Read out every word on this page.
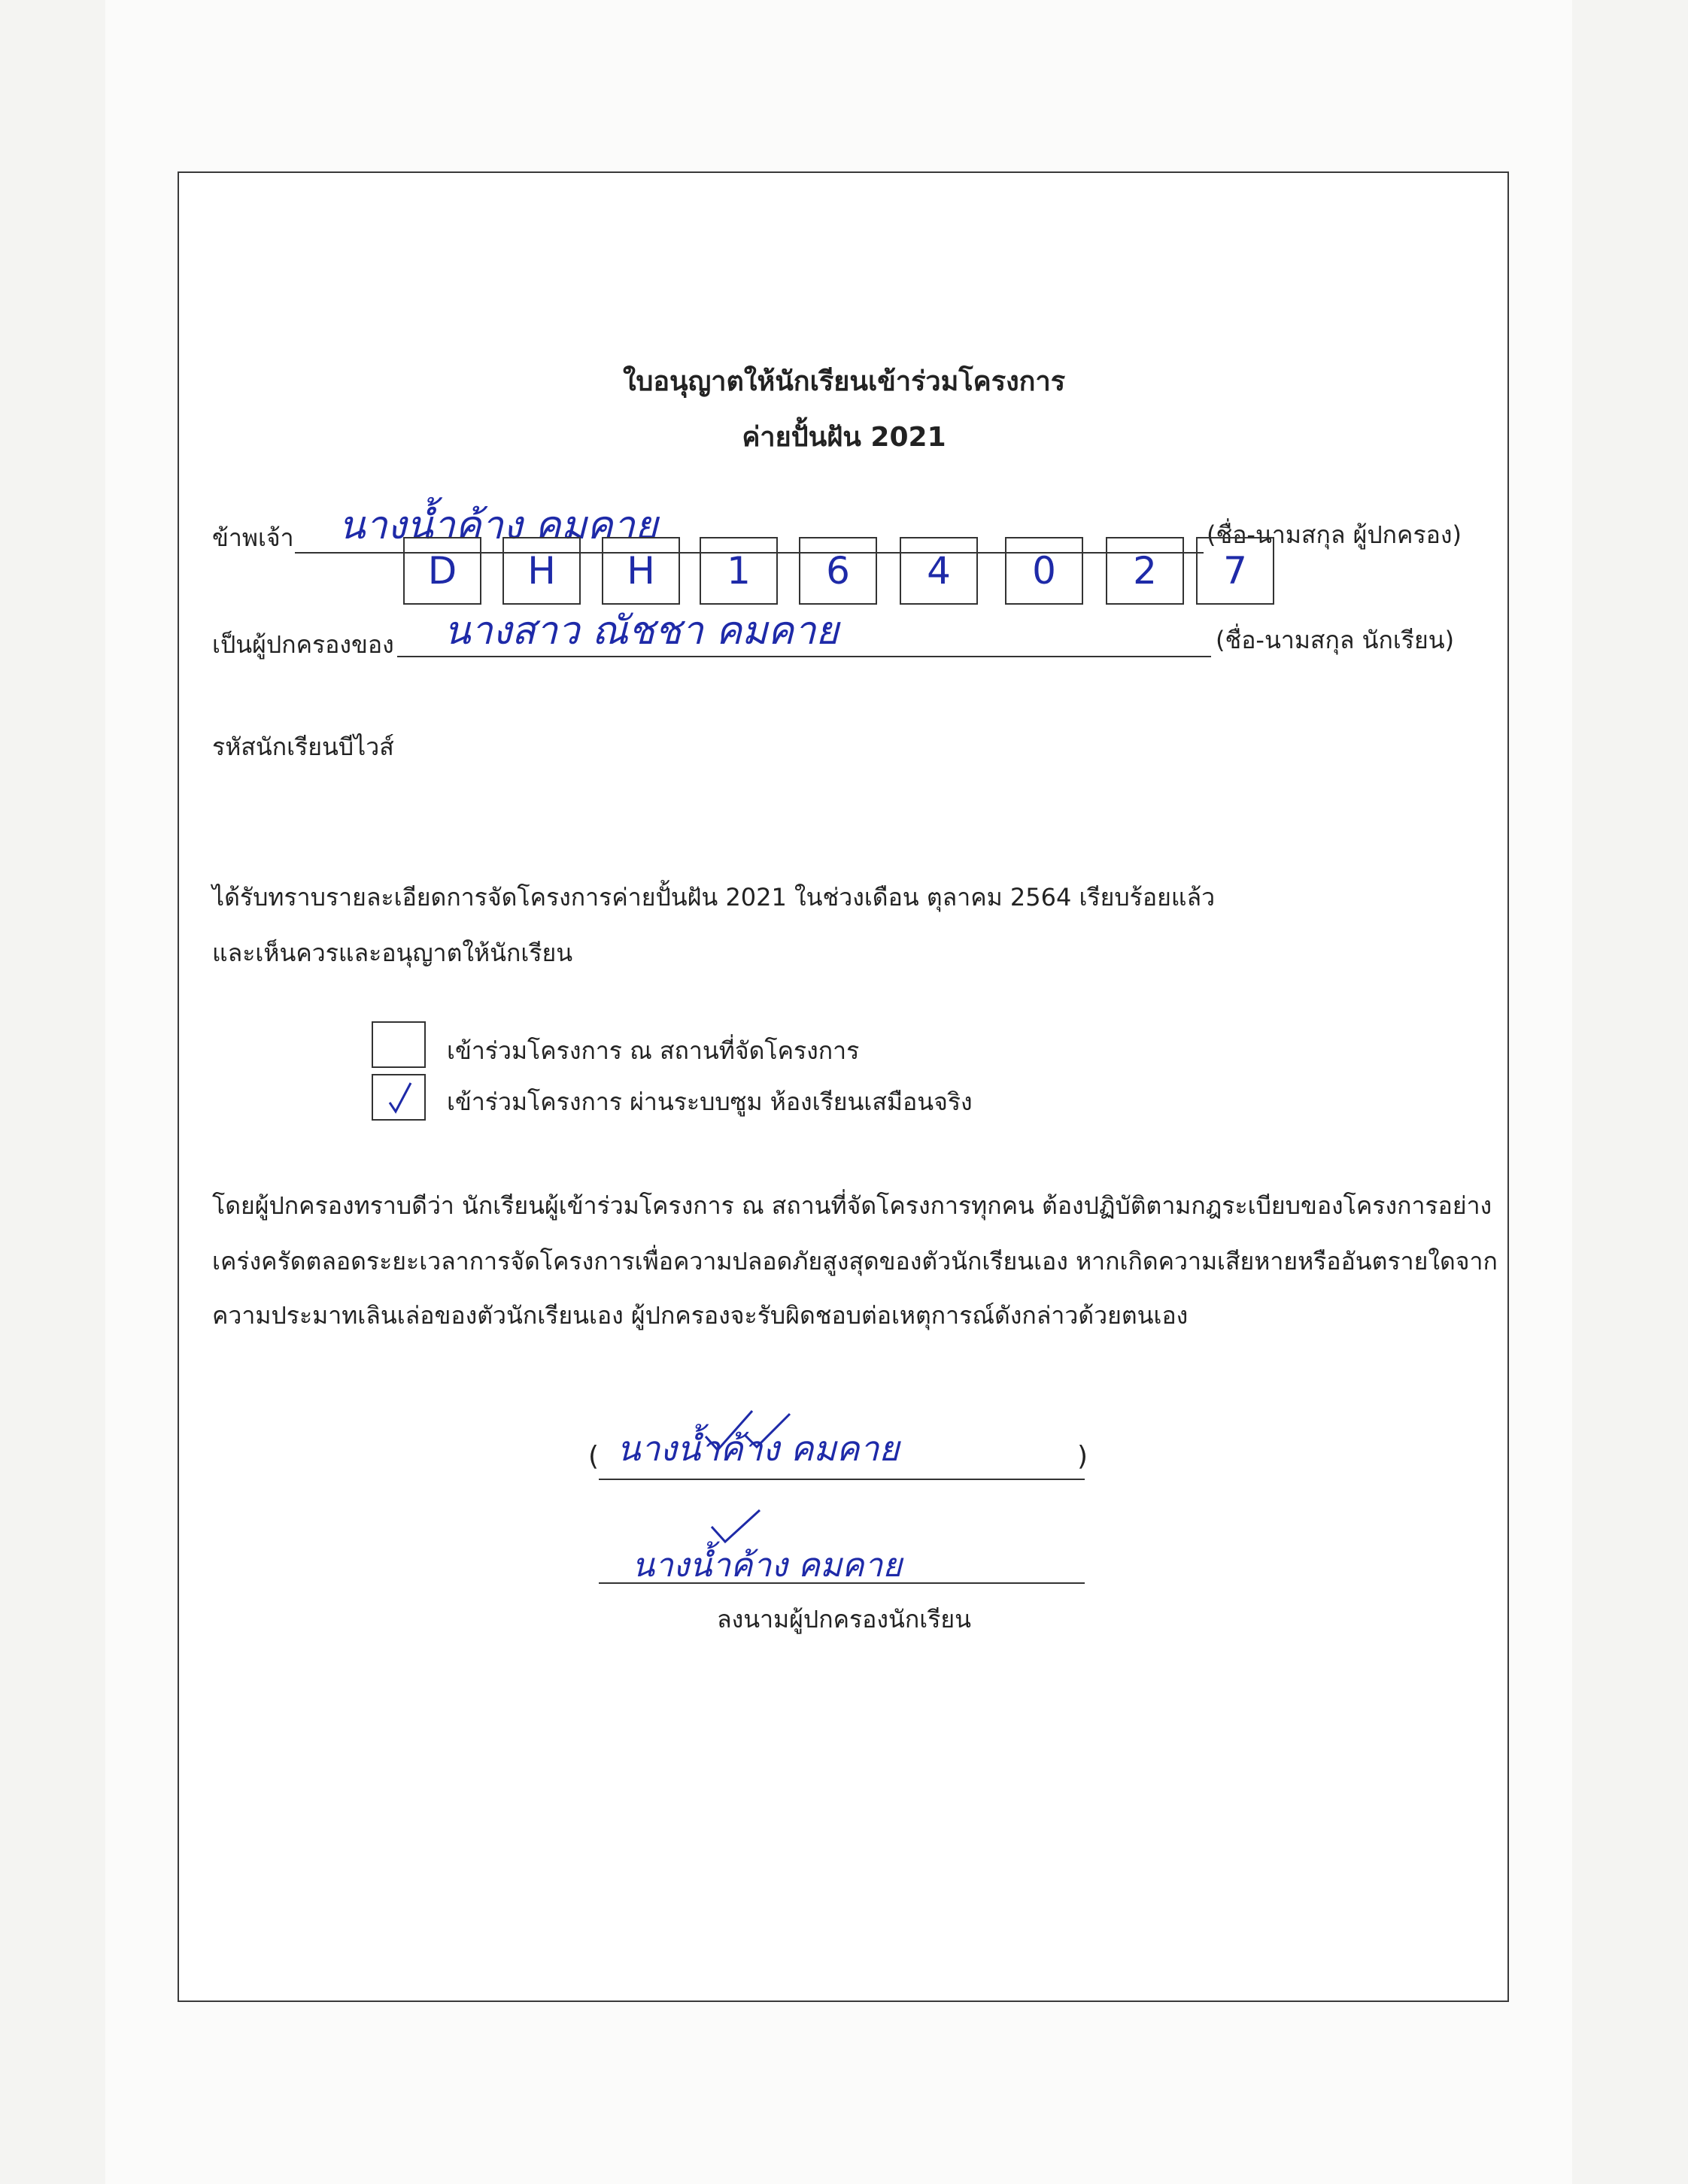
ใบอนุญาตให้นักเรียนเข้าร่วมโครงการ
ค่ายปั้นฝัน 2021
ข้าพเจ้า นางน้ำค้าง คมคาย	(ชื่อ-นามสกุล ผู้ปกครอง)
เป็นผู้ปกครองของ นางสาว ณัชชา คมคาย	(ชื่อ-นามสกุล นักเรียน)
รหัสนักเรียนบีไวส์
D	H	H	1	6	4	0	2	7
ได้รับทราบรายละเอียดการจัดโครงการค่ายปั้นฝัน 2021 ในช่วงเดือน ตุลาคม 2564 เรียบร้อยแล้ว
และเห็นควรและอนุญาตให้นักเรียน
เข้าร่วมโครงการ ณ สถานที่จัดโครงการ
เข้าร่วมโครงการ ผ่านระบบซูม ห้องเรียนเสมือนจริง
โดยผู้ปกครองทราบดีว่า นักเรียนผู้เข้าร่วมโครงการ ณ สถานที่จัดโครงการทุกคน ต้องปฏิบัติตามกฎระเบียบของโครงการอย่าง
เคร่งครัดตลอดระยะเวลาการจัดโครงการเพื่อความปลอดภัยสูงสุดของตัวนักเรียนเอง หากเกิดความเสียหายหรืออันตรายใดจาก
ความประมาทเลินเล่อของตัวนักเรียนเอง ผู้ปกครองจะรับผิดชอบต่อเหตุการณ์ดังกล่าวด้วยตนเอง
( นางน้ำค้าง คมคาย	)
นางน้ำค้าง คมคาย
ลงนามผู้ปกครองนักเรียน
